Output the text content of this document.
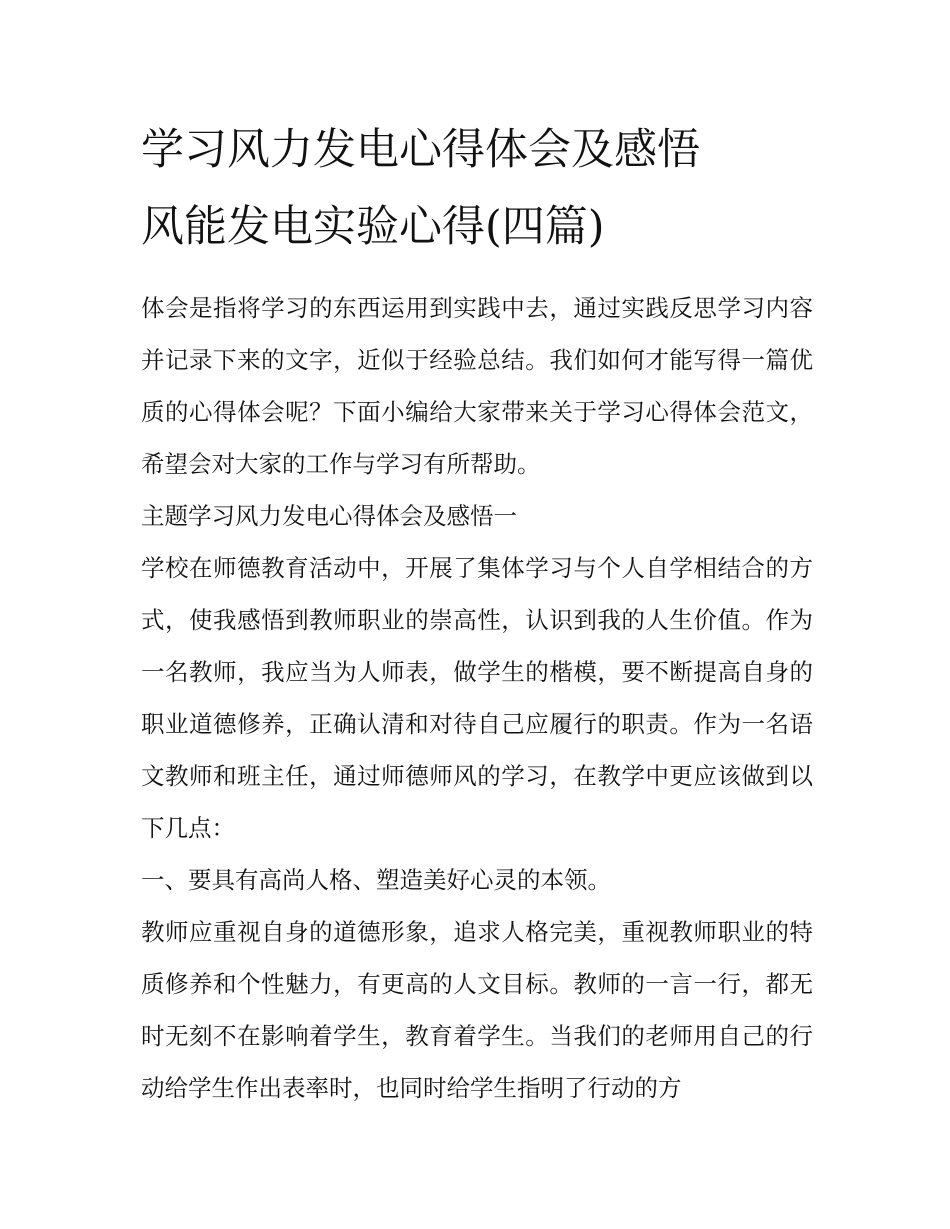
学习风力发电心得体会及感悟
风能发电实验心得(四篇)

体会是指将学习的东西运用到实践中去，通过实践反思学习内容并记录下来的文字，近似于经验总结。我们如何才能写得一篇优质的心得体会呢？下面小编给大家带来关于学习心得体会范文，希望会对大家的工作与学习有所帮助。

主题学习风力发电心得体会及感悟一

学校在师德教育活动中，开展了集体学习与个人自学相结合的方式，使我感悟到教师职业的崇高性，认识到我的人生价值。作为一名教师，我应当为人师表，做学生的楷模，要不断提高自身的职业道德修养，正确认清和对待自己应履行的职责。作为一名语文教师和班主任，通过师德师风的学习，在教学中更应该做到以下几点：

一、要具有高尚人格、塑造美好心灵的本领。

教师应重视自身的道德形象，追求人格完美，重视教师职业的特质修养和个性魅力，有更高的人文目标。教师的一言一行，都无时无刻不在影响着学生，教育着学生。当我们的老师用自己的行动给学生作出表率时，也同时给学生指明了行动的方
